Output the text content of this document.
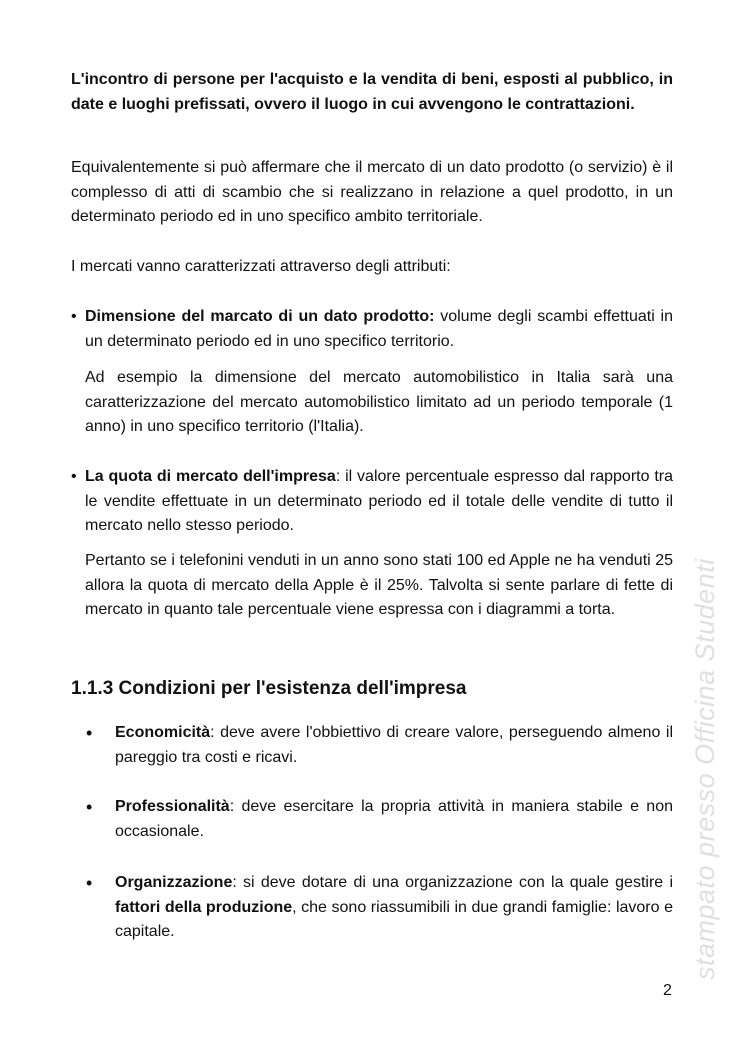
L'incontro di persone per l'acquisto e la vendita di beni, esposti al pubblico, in date e luoghi prefissati, ovvero il luogo in cui avvengono le contrattazioni.
Equivalentemente si può affermare che il mercato di un dato prodotto (o servizio) è il complesso di atti di scambio che si realizzano in relazione a quel prodotto, in un determinato periodo ed in uno specifico ambito territoriale.
I mercati vanno caratterizzati attraverso degli attributi:
• Dimensione del marcato di un dato prodotto: volume degli scambi effettuati in un determinato periodo ed in uno specifico territorio.
Ad esempio la dimensione del mercato automobilistico in Italia sarà una caratterizzazione del mercato automobilistico limitato ad un periodo temporale (1 anno) in uno specifico territorio (l'Italia).
• La quota di mercato dell'impresa: il valore percentuale espresso dal rapporto tra le vendite effettuate in un determinato periodo ed il totale delle vendite di tutto il mercato nello stesso periodo.
Pertanto se i telefonini venduti in un anno sono stati 100 ed Apple ne ha venduti 25 allora la quota di mercato della Apple è il 25%. Talvolta si sente parlare di fette di mercato in quanto tale percentuale viene espressa con i diagrammi a torta.
1.1.3 Condizioni per l'esistenza dell'impresa
• Economicità: deve avere l'obbiettivo di creare valore, perseguendo almeno il pareggio tra costi e ricavi.
• Professionalità: deve esercitare la propria attività in maniera stabile e non occasionale.
• Organizzazione: si deve dotare di una organizzazione con la quale gestire i fattori della produzione, che sono riassumibili in due grandi famiglie: lavoro e capitale.	stampato presso Officina Studenti
2
